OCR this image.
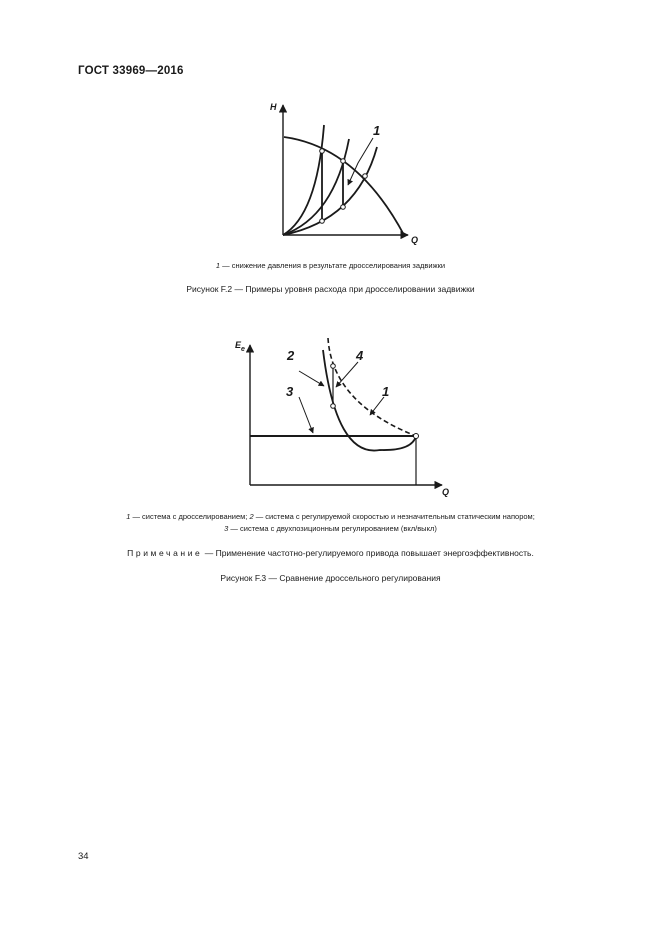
ГОСТ 33969—2016
H
Q
1
1 — снижение давления в результате дросселирования задвижки
Рисунок F.2 — Примеры уровня расхода при дросселировании задвижки
$E_e$
Q
2
3
4
1
1 — система с дросселированием; 2 — система с регулируемой скоростью и незначительным статическим напором;
3 — система с двухпозиционным регулированием (вкл/выкл)
Примечание — Применение частотно-регулируемого привода повышает энергоэффективность.
Рисунок F.3 — Сравнение дроссельного регулирования
34
